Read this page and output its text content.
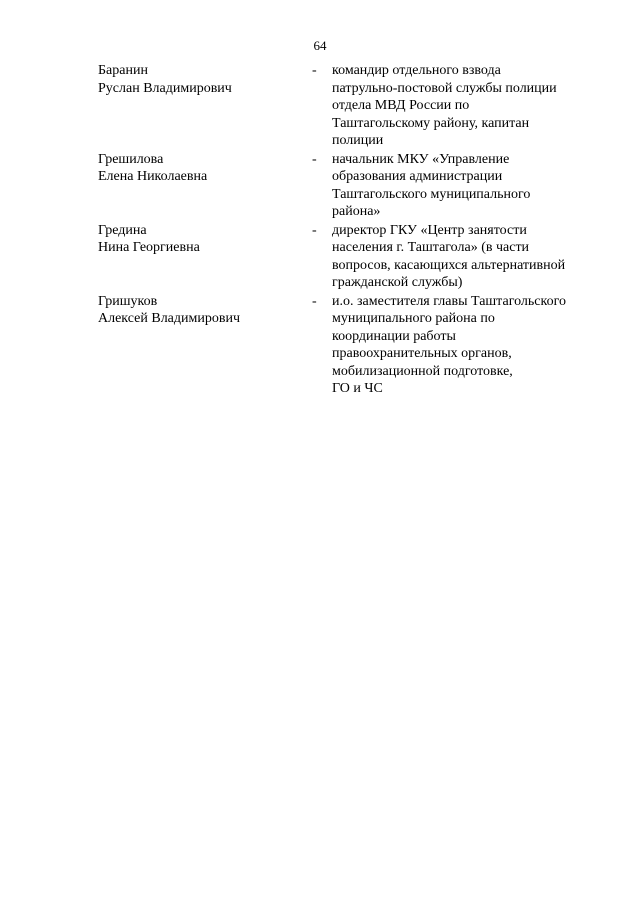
64
Баранин
Руслан Владимирович
-	командир отдельного взвода
патрульно-постовой службы полиции
отдела МВД России по
Таштагольскому району, капитан
полиции
Грешилова
Елена Николаевна
-	начальник МКУ «Управление
образования администрации
Таштагольского муниципального
района»
Гредина
Нина Георгиевна
-	директор ГКУ «Центр занятости
населения г. Таштагола» (в части
вопросов, касающихся альтернативной
гражданской службы)
Гришуков
Алексей Владимирович
-	и.о. заместителя главы Таштагольского
муниципального района по
координации работы
правоохранительных органов,
мобилизационной подготовке,
ГО и ЧС
